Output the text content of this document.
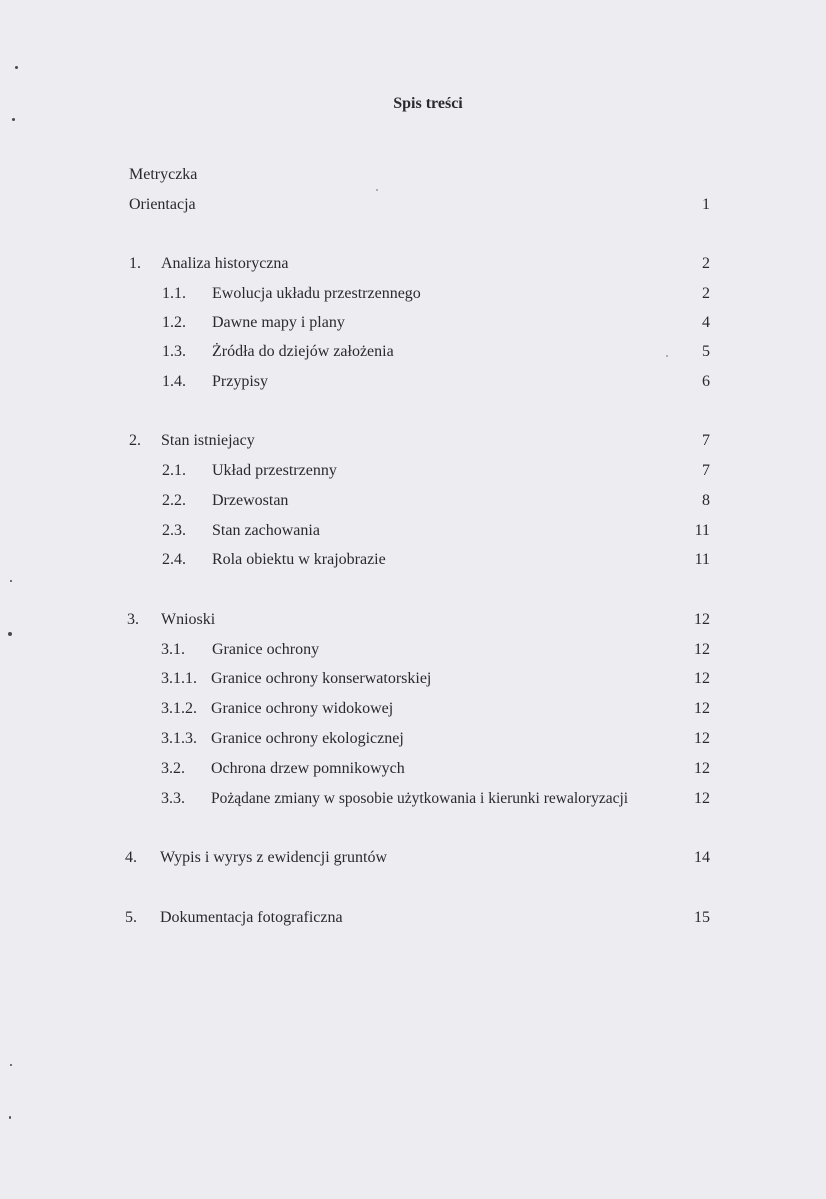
Spis treści
Metryczka
Orientacja	1
1. Analiza historyczna	2
1.1. Ewolucja układu przestrzennego	2
1.2. Dawne mapy i plany	4
1.3. Żródła do dziejów założenia	5
1.4. Przypisy	6
2. Stan istniejacy	7
2.1. Układ przestrzenny	7
2.2. Drzewostan	8
2.3. Stan zachowania	11
2.4. Rola obiektu w krajobrazie	11
3. Wnioski	12
3.1. Granice ochrony	12
3.1.1. Granice ochrony konserwatorskiej	12
3.1.2. Granice ochrony widokowej	12
3.1.3. Granice ochrony ekologicznej	12
3.2. Ochrona drzew pomnikowych	12
3.3. Pożądane zmiany w sposobie użytkowania i kierunki rewaloryzacji	12
4. Wypis i wyrys z ewidencji gruntów	14
5. Dokumentacja fotograficzna	15
